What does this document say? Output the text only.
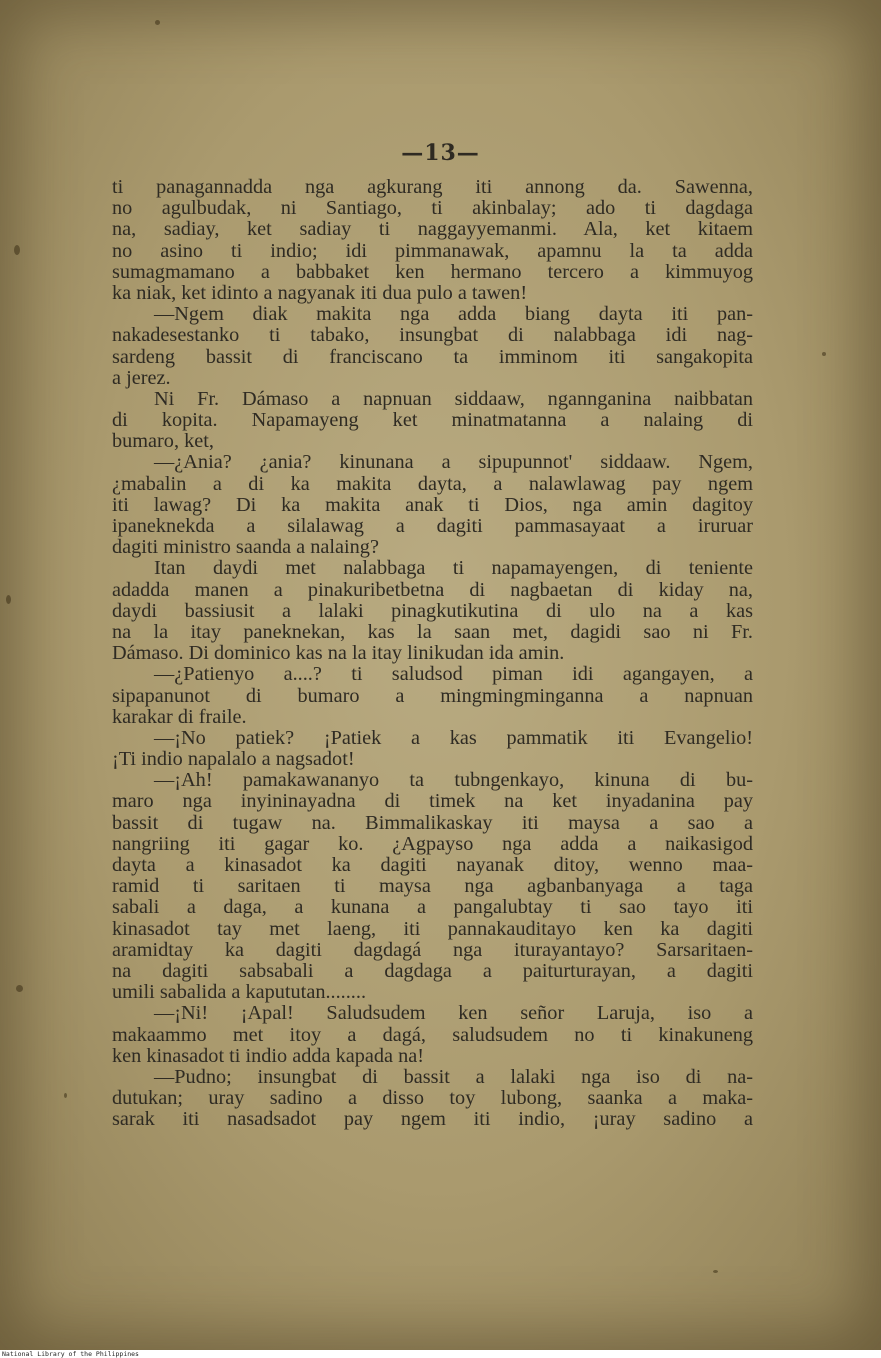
—13—
ti panagannadda nga agkurang iti annong da. Sawenna,
no agulbudak, ni Santiago, ti akinbalay; ado ti dagdaga
na, sadiay, ket sadiay ti naggayyemanmi. Ala, ket kitaem
no asino ti indio; idi pimmanawak, apamnu la ta adda
sumagmamano a babbaket ken hermano tercero a kimmuyog
ka niak, ket idinto a nagyanak iti dua pulo a tawen!
—Ngem diak makita nga adda biang dayta iti pan-
nakadesestanko ti tabako, insungbat di nalabbaga idi nag-
sardeng bassit di franciscano ta imminom iti sangakopita
a jerez.
Ni Fr. Dámaso a napnuan siddaaw, ngannganina naibbatan
di kopita. Napamayeng ket minatmatanna a nalaing di
bumaro, ket,
—¿Ania? ¿ania? kinunana a sipupunnot' siddaaw. Ngem,
¿mabalin a di ka makita dayta, a nalawlawag pay ngem
iti lawag? Di ka makita anak ti Dios, nga amin dagitoy
ipaneknekda a silalawag a dagiti pammasayaat a iruruar
dagiti ministro saanda a nalaing?
Itan daydi met nalabbaga ti napamayengen, di teniente
adadda manen a pinakuribetbetna di nagbaetan di kiday na,
daydi bassiusit a lalaki pinagkutikutina di ulo na a kas
na la itay paneknekan, kas la saan met, dagidi sao ni Fr.
Dámaso. Di dominico kas na la itay linikudan ida amin.
—¿Patienyo a....? ti saludsod piman idi agangayen, a
sipapanunot di bumaro a mingmingminganna a napnuan
karakar di fraile.
—¡No patiek? ¡Patiek a kas pammatik iti Evangelio!
¡Ti indio napalalo a nagsadot!
—¡Ah! pamakawananyo ta tubngenkayo, kinuna di bu-
maro nga inyininayadna di timek na ket inyadanina pay
bassit di tugaw na. Bimmalikaskay iti maysa a sao a
nangriing iti gagar ko. ¿Agpayso nga adda a naikasigod
dayta a kinasadot ka dagiti nayanak ditoy, wenno maa-
ramid ti saritaen ti maysa nga agbanbanyaga a taga
sabali a daga, a kunana a pangalubtay ti sao tayo iti
kinasadot tay met laeng, iti pannakauditayo ken ka dagiti
aramidtay ka dagiti dagdagá nga iturayantayo? Sarsaritaen-
na dagiti sabsabali a dagdaga a paiturturayan, a dagiti
umili sabalida a kapututan........
—¡Ni! ¡Apal! Saludsudem ken señor Laruja, iso a
makaammo met itoy a dagá, saludsudem no ti kinakuneng
ken kinasadot ti indio adda kapada na!
—Pudno; insungbat di bassit a lalaki nga iso di na-
dutukan; uray sadino a disso toy lubong, saanka a maka-
sarak iti nasadsadot pay ngem iti indio, ¡uray sadino a

National Library of the Philippines
